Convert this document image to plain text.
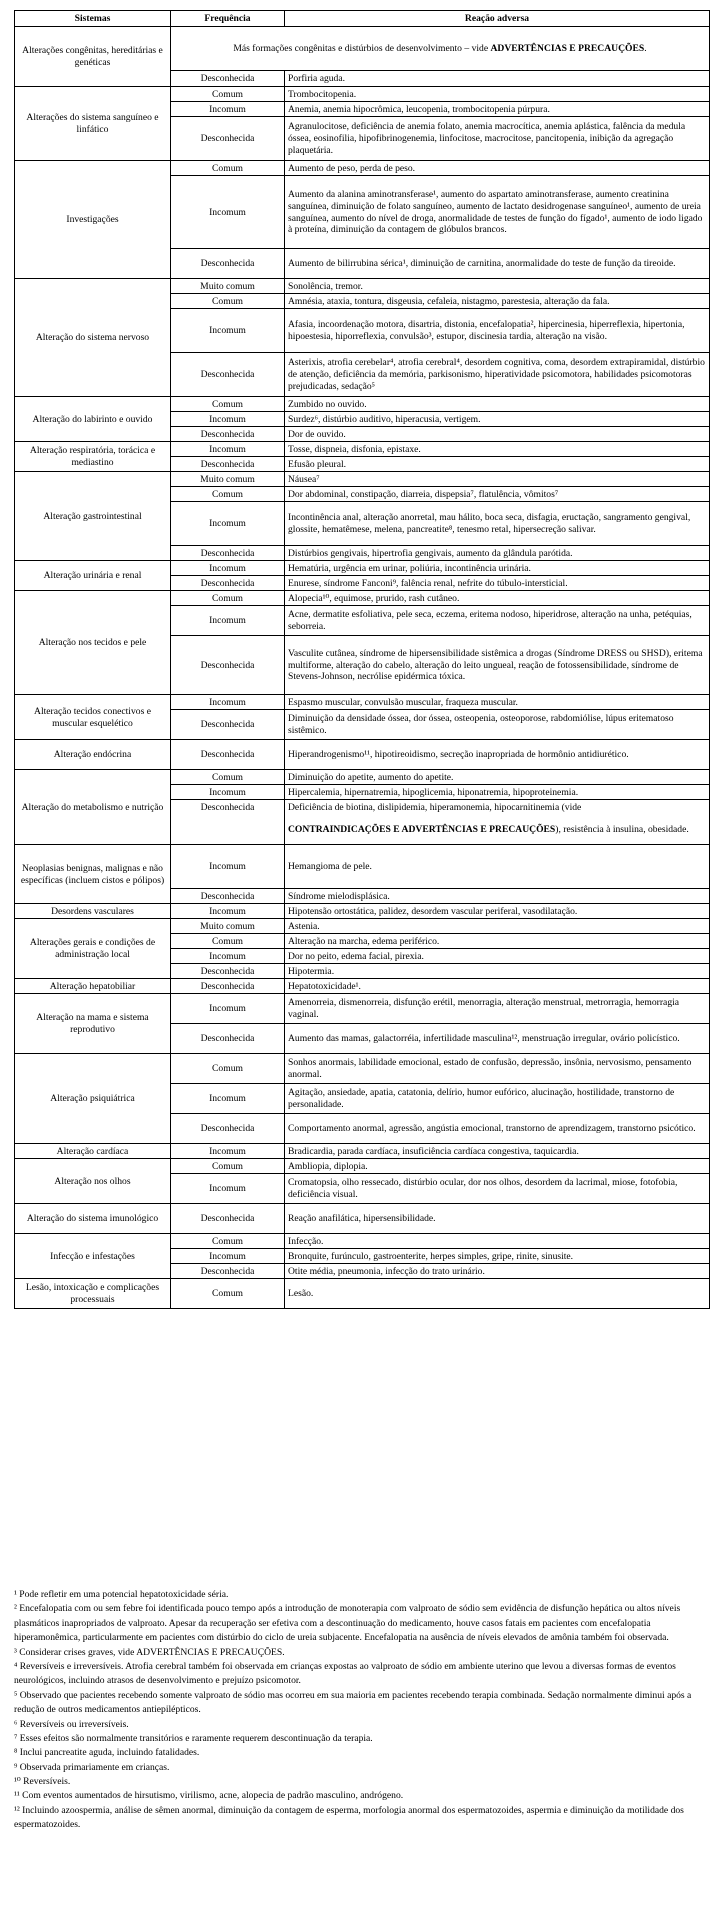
Sistemas	Frequência	Reação adversa
Alterações congênitas, hereditárias e genéticas	Más formações congênitas e distúrbios de desenvolvimento – vide ADVERTÊNCIAS E PRECAUÇÕES.	
	Desconhecida	Porfiria aguda.
Alterações do sistema sanguíneo e linfático	Comum	Trombocitopenia.
	Incomum	Anemia, anemia hipocrômica, leucopenia, trombocitopenia púrpura.
	Desconhecida	Agranulocitose, deficiência de anemia folato, anemia macrocítica, anemia aplástica, falência da medula óssea, eosinofilia, hipofibrinogenemia, linfocitose, macrocitose, pancitopenia, inibição da agregação plaquetária.
Investigações	Comum	Aumento de peso, perda de peso.
	Incomum	Aumento da alanina aminotransferase¹, aumento do aspartato aminotransferase, aumento creatinina sanguínea, diminuição de folato sanguíneo, aumento de lactato desidrogenase sanguíneo¹, aumento de ureia sanguínea, aumento do nível de droga, anormalidade de testes de função do fígado¹, aumento de iodo ligado à proteína, diminuição da contagem de glóbulos brancos.
	Desconhecida	Aumento de bilirrubina sérica¹, diminuição de carnitina, anormalidade do teste de função da tireoide.
Alteração do sistema nervoso	Muito comum	Sonolência, tremor.
	Comum	Amnésia, ataxia, tontura, disgeusia, cefaleia, nistagmo, parestesia, alteração da fala.
	Incomum	Afasia, incoordenação motora, disartria, distonia, encefalopatia², hipercinesia, hiperreflexia, hipertonia, hipoestesia, hiporreflexia, convulsão³, estupor, discinesia tardia, alteração na visão.
	Desconhecida	Asterixis, atrofia cerebelar⁴, atrofia cerebral⁴, desordem cognitiva, coma, desordem extrapiramidal, distúrbio de atenção, deficiência da memória, parkisonismo, hiperatividade psicomotora, habilidades psicomotoras prejudicadas, sedação⁵
Alteração do labirinto e ouvido	Comum	Zumbido no ouvido.
	Incomum	Surdez⁶, distúrbio auditivo, hiperacusia, vertigem.
	Desconhecida	Dor de ouvido.
Alteração respiratória, torácica e mediastino	Incomum	Tosse, dispneia, disfonia, epistaxe.
	Desconhecida	Efusão pleural.
Alteração gastrointestinal	Muito comum	Náusea⁷
	Comum	Dor abdominal, constipação, diarreia, dispepsia⁷, flatulência, vômitos⁷
	Incomum	Incontinência anal, alteração anorretal, mau hálito, boca seca, disfagia, eructação, sangramento gengival, glossite, hematêmese, melena, pancreatite⁸, tenesmo retal, hipersecreção salivar.
	Desconhecida	Distúrbios gengivais, hipertrofia gengivais, aumento da glândula parótida.
Alteração urinária e renal	Incomum	Hematúria, urgência em urinar, poliúria, incontinência urinária.
	Desconhecida	Enurese, síndrome Fanconi⁹, falência renal, nefrite do túbulo-intersticial.
Alteração nos tecidos e pele	Comum	Alopecia¹⁰, equimose, prurido, rash cutâneo.
	Incomum	Acne, dermatite esfoliativa, pele seca, eczema, eritema nodoso, hiperidrose, alteração na unha, petéquias, seborreia.
	Desconhecida	Vasculite cutânea, síndrome de hipersensibilidade sistêmica a drogas (Síndrome DRESS ou SHSD), eritema multiforme, alteração do cabelo, alteração do leito ungueal, reação de fotossensibilidade, síndrome de Stevens-Johnson, necrólise epidérmica tóxica.
Alteração tecidos conectivos e muscular esquelético	Incomum	Espasmo muscular, convulsão muscular, fraqueza muscular.
	Desconhecida	Diminuição da densidade óssea, dor óssea, osteopenia, osteoporose, rabdomiólise, lúpus eritematoso sistêmico.
Alteração endócrina	Desconhecida	Hiperandrogenismo¹¹, hipotireoidismo, secreção inapropriada de hormônio antidiurético.
Alteração do metabolismo e nutrição	Comum	Diminuição do apetite, aumento do apetite.
	Incomum	Hipercalemia, hipernatremia, hipoglicemia, hiponatremia, hipoproteinemia.
	Desconhecida	Deficiência de biotina, dislipidemia, hiperamonemia, hipocarnitinemia (vide
		CONTRAINDICAÇÕES E ADVERTÊNCIAS E PRECAUÇÕES), resistência à insulina, obesidade.
Neoplasias benignas, malignas e não específicas (incluem cistos e pólipos)	Incomum	Hemangioma de pele.
	Desconhecida	Síndrome mielodisplásica.
Desordens vasculares	Incomum	Hipotensão ortostática, palidez, desordem vascular periferal, vasodilatação.
Alterações gerais e condições de administração local	Muito comum	Astenia.
	Comum	Alteração na marcha, edema periférico.
	Incomum	Dor no peito, edema facial, pirexia.
	Desconhecida	Hipotermia.
Alteração hepatobiliar	Desconhecida	Hepatotoxicidade¹.
Alteração na mama e sistema reprodutivo	Incomum	Amenorreia, dismenorreia, disfunção erétil, menorragia, alteração menstrual, metrorragia, hemorragia vaginal.
	Desconhecida	Aumento das mamas, galactorréia, infertilidade masculina¹², menstruação irregular, ovário policístico.
Alteração psiquiátrica	Comum	Sonhos anormais, labilidade emocional, estado de confusão, depressão, insônia, nervosismo, pensamento anormal.
	Incomum	Agitação, ansiedade, apatia, catatonia, delírio, humor eufórico, alucinação, hostilidade, transtorno de personalidade.
	Desconhecida	Comportamento anormal, agressão, angústia emocional, transtorno de aprendizagem, transtorno psicótico.
Alteração cardíaca	Incomum	Bradicardia, parada cardíaca, insuficiência cardíaca congestiva, taquicardia.
Alteração nos olhos	Comum	Ambliopia, diplopia.
	Incomum	Cromatopsia, olho ressecado, distúrbio ocular, dor nos olhos, desordem da lacrimal, miose, fotofobia, deficiência visual.
Alteração do sistema imunológico	Desconhecida	Reação anafilática, hipersensibilidade.
Infecção e infestações	Comum	Infecção.
	Incomum	Bronquite, furúnculo, gastroenterite, herpes simples, gripe, rinite, sinusite.
	Desconhecida	Otite média, pneumonia, infecção do trato urinário.
Lesão, intoxicação e complicações processuais	Comum	Lesão.

¹ Pode refletir em uma potencial hepatotoxicidade séria.

² Encefalopatia com ou sem febre foi identificada pouco tempo após a introdução de monoterapia com valproato de sódio sem evidência de disfunção hepática ou altos níveis plasmáticos inapropriados de valproato. Apesar da recuperação ser efetiva com a descontinuação do medicamento, houve casos fatais em pacientes com encefalopatia hiperamonêmica, particularmente em pacientes com distúrbio do ciclo de ureia subjacente. Encefalopatia na ausência de níveis elevados de amônia também foi observada.

³ Considerar crises graves, vide ADVERTÊNCIAS E PRECAUÇÕES.

⁴ Reversíveis e irreversíveis. Atrofia cerebral também foi observada em crianças expostas ao valproato de sódio em ambiente uterino que levou a diversas formas de eventos neurológicos, incluindo atrasos de desenvolvimento e prejuízo psicomotor.

⁵ Observado que pacientes recebendo somente valproato de sódio mas ocorreu em sua maioria em pacientes recebendo terapia combinada. Sedação normalmente diminui após a redução de outros medicamentos antiepilépticos.

⁶ Reversíveis ou irreversíveis.

⁷ Esses efeitos são normalmente transitórios e raramente requerem descontinuação da terapia.

⁸ Inclui pancreatite aguda, incluindo fatalidades.

⁹ Observada primariamente em crianças.

¹⁰ Reversíveis.

¹¹ Com eventos aumentados de hirsutismo, virilismo, acne, alopecia de padrão masculino, andrógeno.

¹² Incluindo azoospermia, análise de sêmen anormal, diminuição da contagem de esperma, morfologia anormal dos espermatozoides, aspermia e diminuição da motilidade dos espermatozoides.
